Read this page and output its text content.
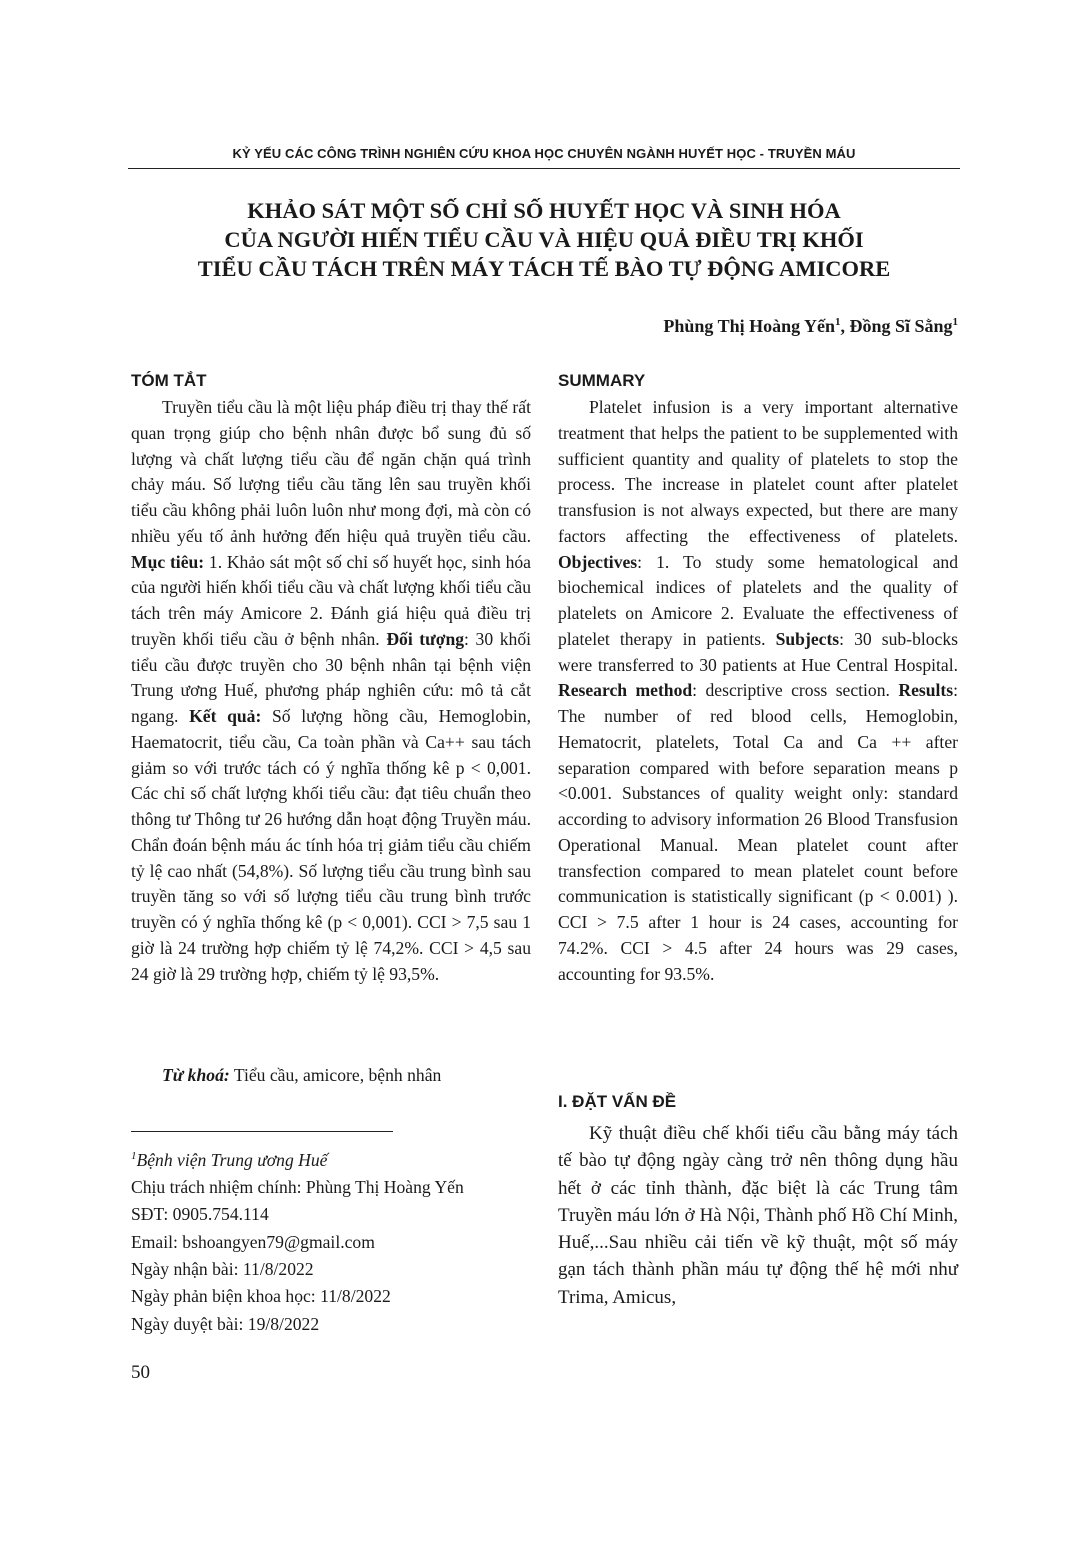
KỶ YẾU CÁC CÔNG TRÌNH NGHIÊN CỨU KHOA HỌC CHUYÊN NGÀNH HUYẾT HỌC - TRUYỀN MÁU
KHẢO SÁT MỘT SỐ CHỈ SỐ HUYẾT HỌC VÀ SINH HÓA
CỦA NGƯỜI HIẾN TIỂU CẦU VÀ HIỆU QUẢ ĐIỀU TRỊ KHỐI
TIỂU CẦU TÁCH TRÊN MÁY TÁCH TẾ BÀO TỰ ĐỘNG AMICORE
Phùng Thị Hoàng Yến$^1$, Đồng Sĩ Sằng$^1$
TÓM TẮT

Truyền tiểu cầu là một liệu pháp điều trị thay thế rất quan trọng giúp cho bệnh nhân được bổ sung đủ số lượng và chất lượng tiểu cầu để ngăn chặn quá trình chảy máu. Số lượng tiểu cầu tăng lên sau truyền khối tiểu cầu không phải luôn luôn như mong đợi, mà còn có nhiều yếu tố ảnh hưởng đến hiệu quả truyền tiểu cầu. Mục tiêu: 1. Khảo sát một số chỉ số huyết học, sinh hóa của người hiến khối tiểu cầu và chất lượng khối tiểu cầu tách trên máy Amicore 2. Đánh giá hiệu quả điều trị truyền khối tiểu cầu ở bệnh nhân. Đối tượng: 30 khối tiểu cầu được truyền cho 30 bệnh nhân tại bệnh viện Trung ương Huế, phương pháp nghiên cứu: mô tả cắt ngang. Kết quả: Số lượng hồng cầu, Hemoglobin, Haematocrit, tiểu cầu, Ca toàn phần và Ca++ sau tách giảm so với trước tách có ý nghĩa thống kê p < 0,001. Các chỉ số chất lượng khối tiểu cầu: đạt tiêu chuẩn theo thông tư Thông tư 26 hướng dẫn hoạt động Truyền máu. Chẩn đoán bệnh máu ác tính hóa trị giảm tiểu cầu chiếm tỷ lệ cao nhất (54,8%). Số lượng tiểu cầu trung bình sau truyền tăng so với số lượng tiểu cầu trung bình trước truyền có ý nghĩa thống kê (p < 0,001). CCI > 7,5 sau 1 giờ là 24 trường hợp chiếm tỷ lệ 74,2%. CCI > 4,5 sau 24 giờ là 29 trường hợp, chiếm tỷ lệ 93,5%.

Từ khoá: Tiểu cầu, amicore, bệnh nhân
$^1$Bệnh viện Trung ương Huế
Chịu trách nhiệm chính: Phùng Thị Hoàng Yến
SĐT: 0905.754.114
Email: bshoangyen79@gmail.com
Ngày nhận bài: 11/8/2022
Ngày phản biện khoa học: 11/8/2022
Ngày duyệt bài: 19/8/2022
SUMMARY

Platelet infusion is a very important alternative treatment that helps the patient to be supplemented with sufficient quantity and quality of platelets to stop the process. The increase in platelet count after platelet transfusion is not always expected, but there are many factors affecting the effectiveness of platelets. Objectives: 1. To study some hematological and biochemical indices of platelets and the quality of platelets on Amicore 2. Evaluate the effectiveness of platelet therapy in patients. Subjects: 30 sub-blocks were transferred to 30 patients at Hue Central Hospital. Research method: descriptive cross section. Results: The number of red blood cells, Hemoglobin, Hematocrit, platelets, Total Ca and Ca ++ after separation compared with before separation means p <0.001. Substances of quality weight only: standard according to advisory information 26 Blood Transfusion Operational Manual. Mean platelet count after transfection compared to mean platelet count before communication is statistically significant (p < 0.001) ). CCI > 7.5 after 1 hour is 24 cases, accounting for 74.2%. CCI > 4.5 after 24 hours was 29 cases, accounting for 93.5%.

I. ĐẶT VẤN ĐỀ

Kỹ thuật điều chế khối tiểu cầu bằng máy tách tế bào tự động ngày càng trở nên thông dụng hầu hết ở các tỉnh thành, đặc biệt là các Trung tâm Truyền máu lớn ở Hà Nội, Thành phố Hồ Chí Minh, Huế,...Sau nhiều cải tiến về kỹ thuật, một số máy gạn tách thành phần máu tự động thế hệ mới như Trima, Amicus,

50
